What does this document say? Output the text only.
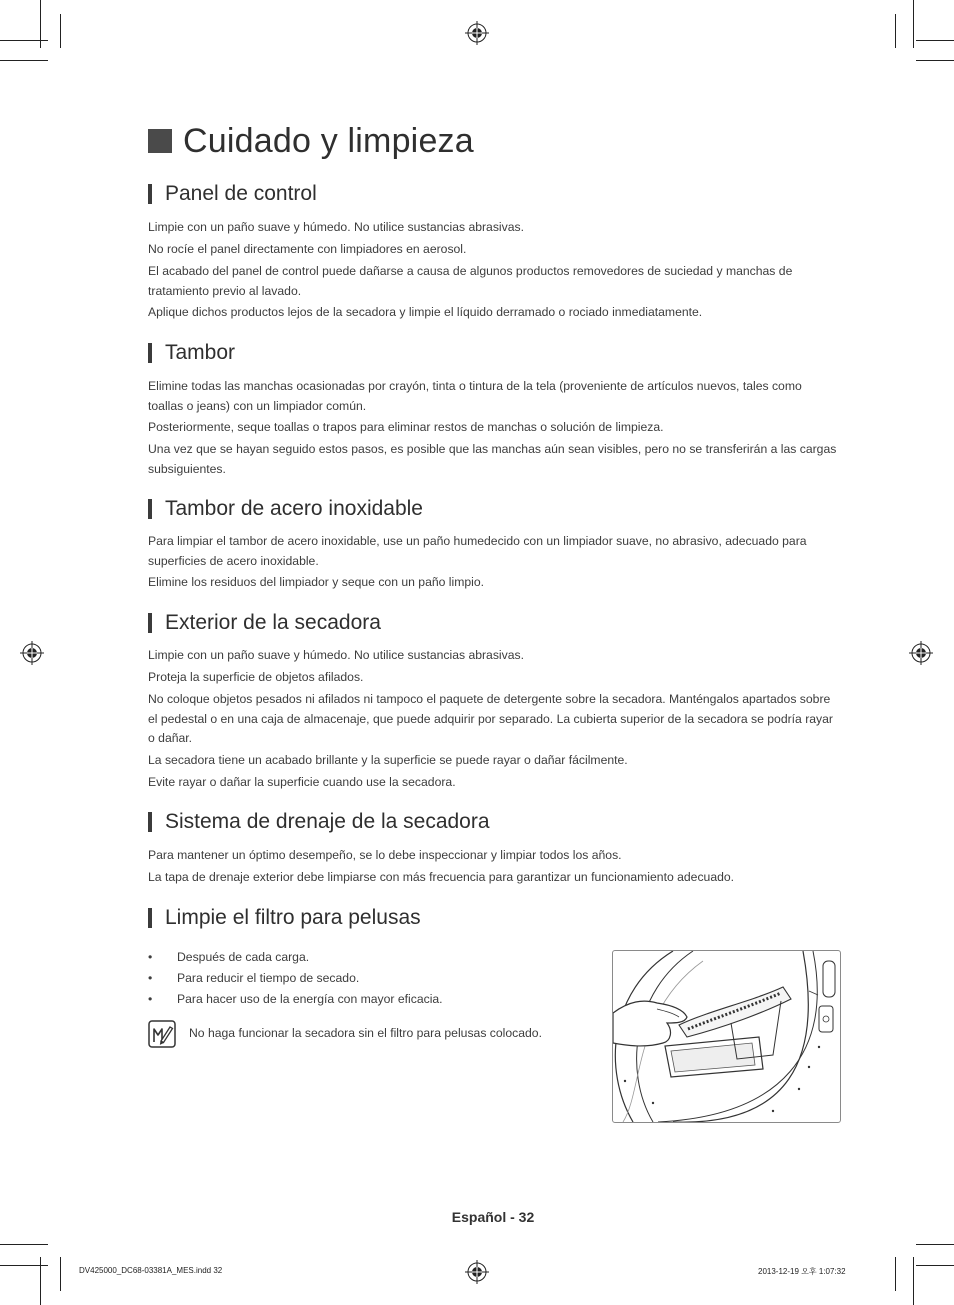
Cuidado y limpieza
Panel de control

Limpie con un paño suave y húmedo. No utilice sustancias abrasivas.

No rocíe el panel directamente con limpiadores en aerosol.

El acabado del panel de control puede dañarse a causa de algunos productos removedores de suciedad y manchas de tratamiento previo al lavado.

Aplique dichos productos lejos de la secadora y limpie el líquido derramado o rociado inmediatamente.

Tambor

Elimine todas las manchas ocasionadas por crayón, tinta o tintura de la tela (proveniente de artículos nuevos, tales como toallas o jeans) con un limpiador común.

Posteriormente, seque toallas o trapos para eliminar restos de manchas o solución de limpieza.

Una vez que se hayan seguido estos pasos, es posible que las manchas aún sean visibles, pero no se transferirán a las cargas subsiguientes.

Tambor de acero inoxidable

Para limpiar el tambor de acero inoxidable, use un paño humedecido con un limpiador suave, no abrasivo, adecuado para superficies de acero inoxidable.

Elimine los residuos del limpiador y seque con un paño limpio.

Exterior de la secadora

Limpie con un paño suave y húmedo. No utilice sustancias abrasivas.

Proteja la superficie de objetos afilados.

No coloque objetos pesados ni afilados ni tampoco el paquete de detergente sobre la secadora. Manténgalos apartados sobre el pedestal o en una caja de almacenaje, que puede adquirir por separado. La cubierta superior de la secadora se podría rayar o dañar.

La secadora tiene un acabado brillante y la superficie se puede rayar o dañar fácilmente.

Evite rayar o dañar la superficie cuando use la secadora.

Sistema de drenaje de la secadora

Para mantener un óptimo desempeño, se lo debe inspeccionar y limpiar todos los años.

La tapa de drenaje exterior debe limpiarse con más frecuencia para garantizar un funcionamiento adecuado.

Limpie el filtro para pelusas
• Después de cada carga.
• Para reducir el tiempo de secado.
• Para hacer uso de la energía con mayor eficacia.
No haga funcionar la secadora sin el filtro para pelusas colocado.
Español - 32
DV425000_DC68-03381A_MES.indd 32	2013-12-19 오후 1:07:32
